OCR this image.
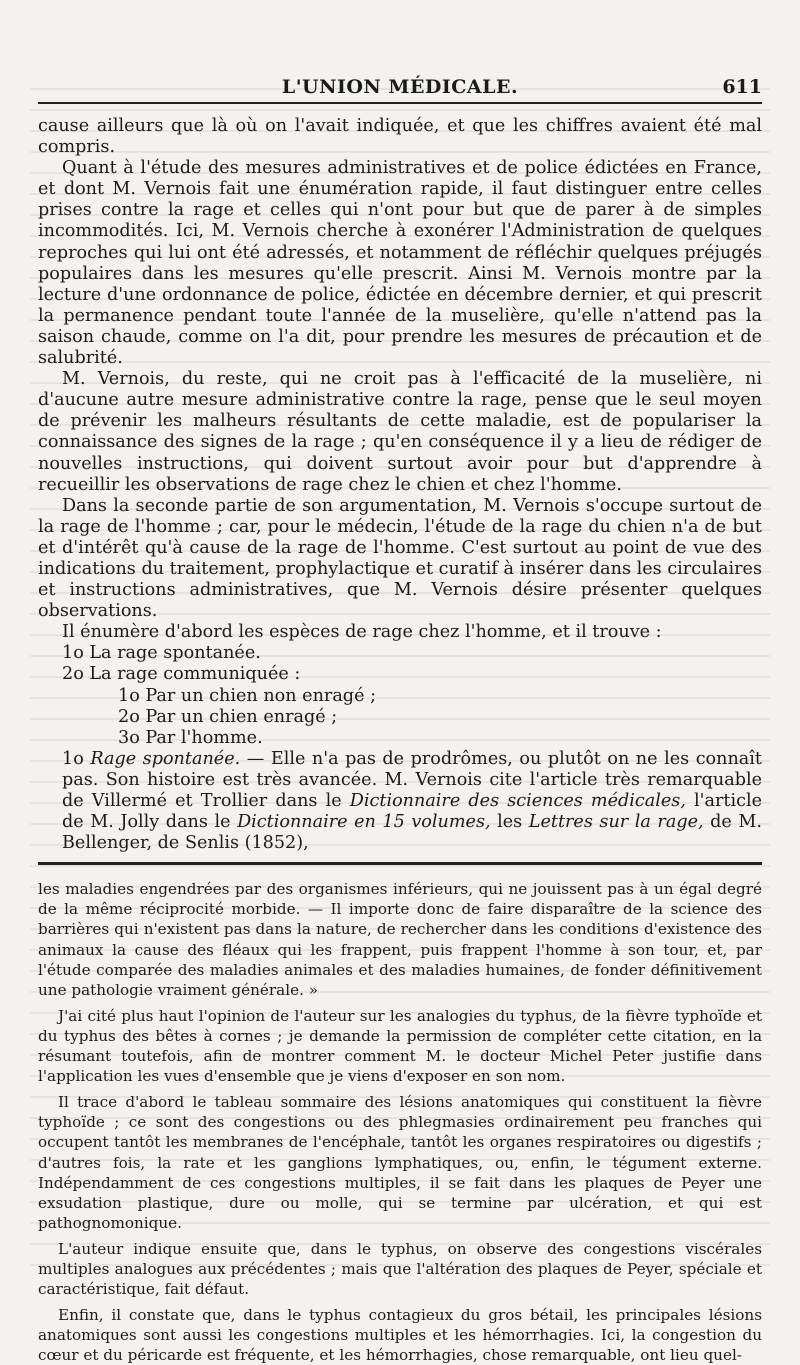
L'UNION MÉDICALE.	611

cause ailleurs que là où on l'avait indiquée, et que les chiffres avaient été mal compris.

Quant à l'étude des mesures administratives et de police édictées en France, et dont M. Vernois fait une énumération rapide, il faut distinguer entre celles prises contre la rage et celles qui n'ont pour but que de parer à de simples incommodités. Ici, M. Vernois cherche à exonérer l'Administration de quelques reproches qui lui ont été adressés, et notamment de réfléchir quelques préjugés populaires dans les mesures qu'elle prescrit. Ainsi M. Vernois montre par la lecture d'une ordonnance de police, édictée en décembre dernier, et qui prescrit la permanence pendant toute l'année de la muselière, qu'elle n'attend pas la saison chaude, comme on l'a dit, pour prendre les mesures de précaution et de salubrité.

M. Vernois, du reste, qui ne croit pas à l'efficacité de la muselière, ni d'aucune autre mesure administrative contre la rage, pense que le seul moyen de prévenir les malheurs résultants de cette maladie, est de populariser la connaissance des signes de la rage ; qu'en conséquence il y a lieu de rédiger de nouvelles instructions, qui doivent surtout avoir pour but d'apprendre à recueillir les observations de rage chez le chien et chez l'homme.

Dans la seconde partie de son argumentation, M. Vernois s'occupe surtout de la rage de l'homme ; car, pour le médecin, l'étude de la rage du chien n'a de but et d'intérêt qu'à cause de la rage de l'homme. C'est surtout au point de vue des indications du traitement, prophylactique et curatif à insérer dans les circulaires et instructions administratives, que M. Vernois désire présenter quelques observations.

Il énumère d'abord les espèces de rage chez l'homme, et il trouve :

1o La rage spontanée.

2o La rage communiquée :

1o Par un chien non enragé ;

2o Par un chien enragé ;

3o Par l'homme.

1o Rage spontanée. — Elle n'a pas de prodrômes, ou plutôt on ne les connaît pas. Son histoire est très avancée. M. Vernois cite l'article très remarquable de Villermé et Trollier dans le Dictionnaire des sciences médicales, l'article de M. Jolly dans le Dictionnaire en 15 volumes, les Lettres sur la rage, de M. Bellenger, de Senlis (1852),

les maladies engendrées par des organismes inférieurs, qui ne jouissent pas à un égal degré de la même réciprocité morbide. — Il importe donc de faire disparaître de la science des barrières qui n'existent pas dans la nature, de rechercher dans les conditions d'existence des animaux la cause des fléaux qui les frappent, puis frappent l'homme à son tour, et, par l'étude comparée des maladies animales et des maladies humaines, de fonder définitivement une pathologie vraiment générale. »

J'ai cité plus haut l'opinion de l'auteur sur les analogies du typhus, de la fièvre typhoïde et du typhus des bêtes à cornes ; je demande la permission de compléter cette citation, en la résumant toutefois, afin de montrer comment M. le docteur Michel Peter justifie dans l'application les vues d'ensemble que je viens d'exposer en son nom.

Il trace d'abord le tableau sommaire des lésions anatomiques qui constituent la fièvre typhoïde ; ce sont des congestions ou des phlegmasies ordinairement peu franches qui occupent tantôt les membranes de l'encéphale, tantôt les organes respiratoires ou digestifs ; d'autres fois, la rate et les ganglions lymphatiques, ou, enfin, le tégument externe. Indépendamment de ces congestions multiples, il se fait dans les plaques de Peyer une exsudation plastique, dure ou molle, qui se termine par ulcération, et qui est pathognomonique.

L'auteur indique ensuite que, dans le typhus, on observe des congestions viscérales multiples analogues aux précédentes ; mais que l'altération des plaques de Peyer, spéciale et caractéristique, fait défaut.

Enfin, il constate que, dans le typhus contagieux du gros bétail, les principales lésions anatomiques sont aussi les congestions multiples et les hémorrhagies. Ici, la congestion du cœur et du péricarde est fréquente, et les hémorrhagies, chose remarquable, ont lieu quel-
